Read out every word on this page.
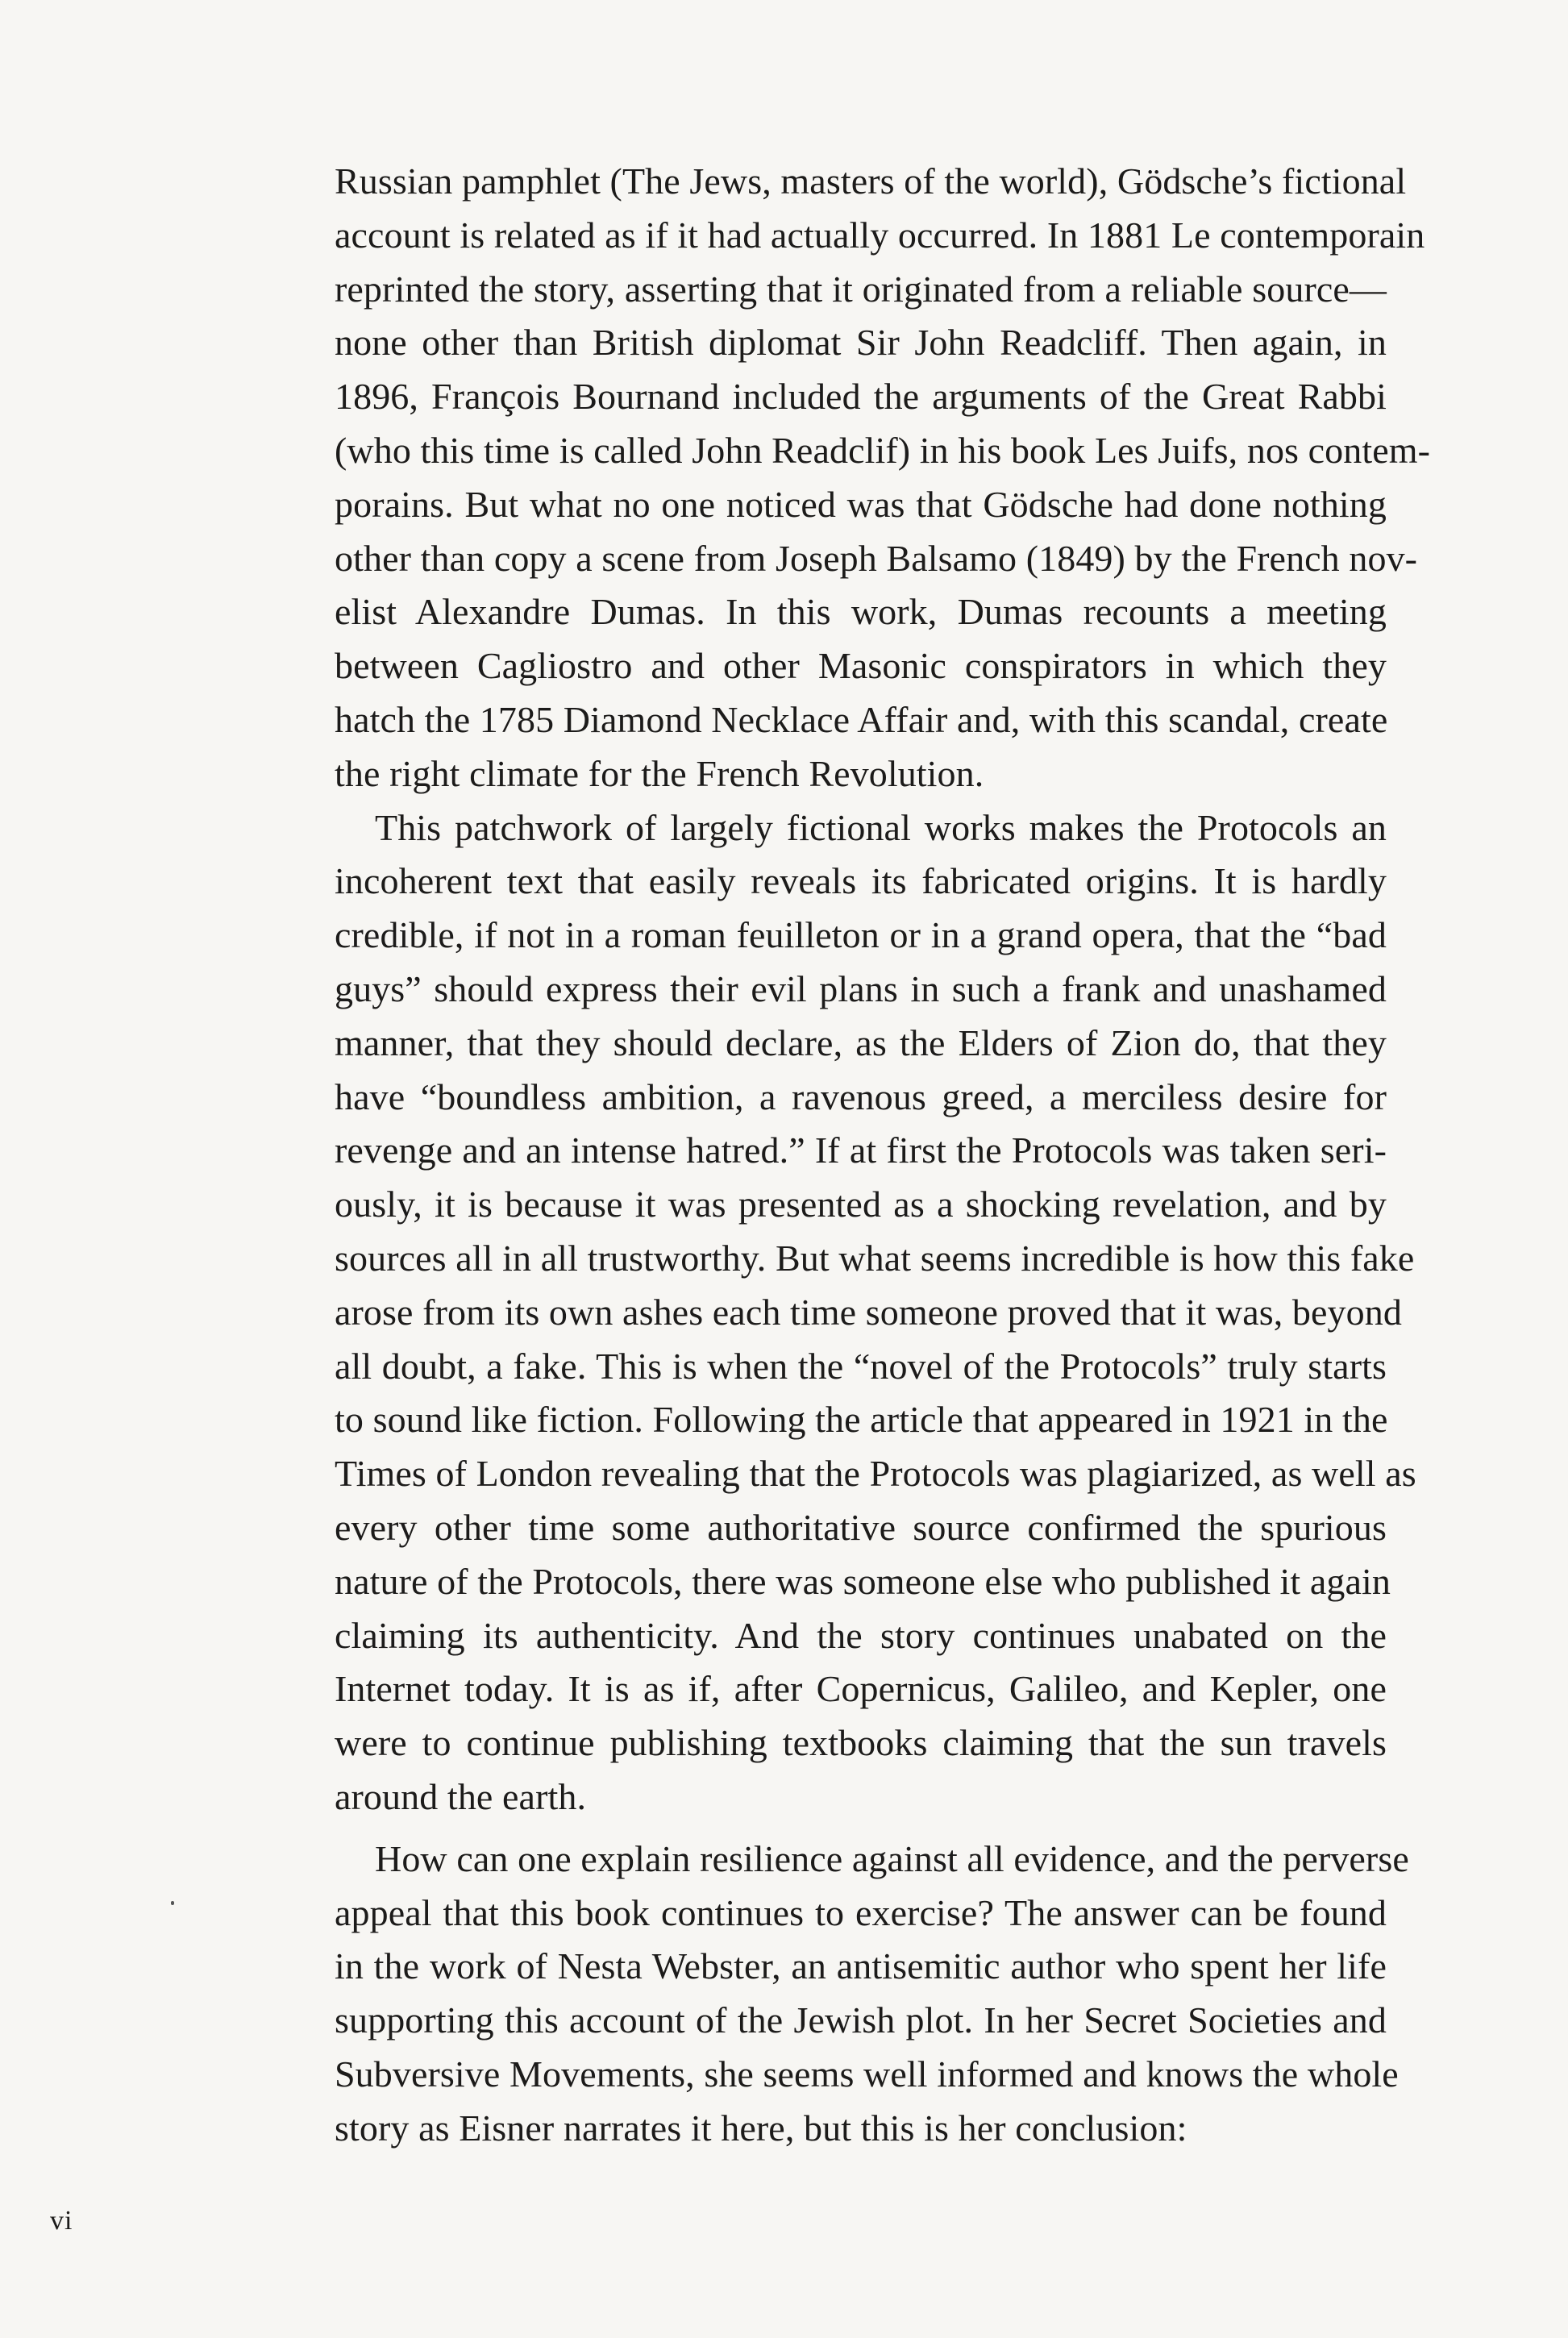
Russian pamphlet (The Jews, masters of the world), Gödsche’s fictional
account is related as if it had actually occurred. In 1881 Le contemporain
reprinted the story, asserting that it originated from a reliable source—
none other than British diplomat Sir John Readcliff. Then again, in
1896, François Bournand included the arguments of the Great Rabbi
(who this time is called John Readclif) in his book Les Juifs, nos contem-
porains. But what no one noticed was that Gödsche had done nothing
other than copy a scene from Joseph Balsamo (1849) by the French nov-
elist Alexandre Dumas. In this work, Dumas recounts a meeting
between Cagliostro and other Masonic conspirators in which they
hatch the 1785 Diamond Necklace Affair and, with this scandal, create
the right climate for the French Revolution.
This patchwork of largely fictional works makes the Protocols an
incoherent text that easily reveals its fabricated origins. It is hardly
credible, if not in a roman feuilleton or in a grand opera, that the “bad
guys” should express their evil plans in such a frank and unashamed
manner, that they should declare, as the Elders of Zion do, that they
have “boundless ambition, a ravenous greed, a merciless desire for
revenge and an intense hatred.” If at first the Protocols was taken seri-
ously, it is because it was presented as a shocking revelation, and by
sources all in all trustworthy. But what seems incredible is how this fake
arose from its own ashes each time someone proved that it was, beyond
all doubt, a fake. This is when the “novel of the Protocols” truly starts
to sound like fiction. Following the article that appeared in 1921 in the
Times of London revealing that the Protocols was plagiarized, as well as
every other time some authoritative source confirmed the spurious
nature of the Protocols, there was someone else who published it again
claiming its authenticity. And the story continues unabated on the
Internet today. It is as if, after Copernicus, Galileo, and Kepler, one
were to continue publishing textbooks claiming that the sun travels
around the earth.
How can one explain resilience against all evidence, and the perverse
appeal that this book continues to exercise? The answer can be found
in the work of Nesta Webster, an antisemitic author who spent her life
supporting this account of the Jewish plot. In her Secret Societies and
Subversive Movements, she seems well informed and knows the whole
story as Eisner narrates it here, but this is her conclusion:
vi
